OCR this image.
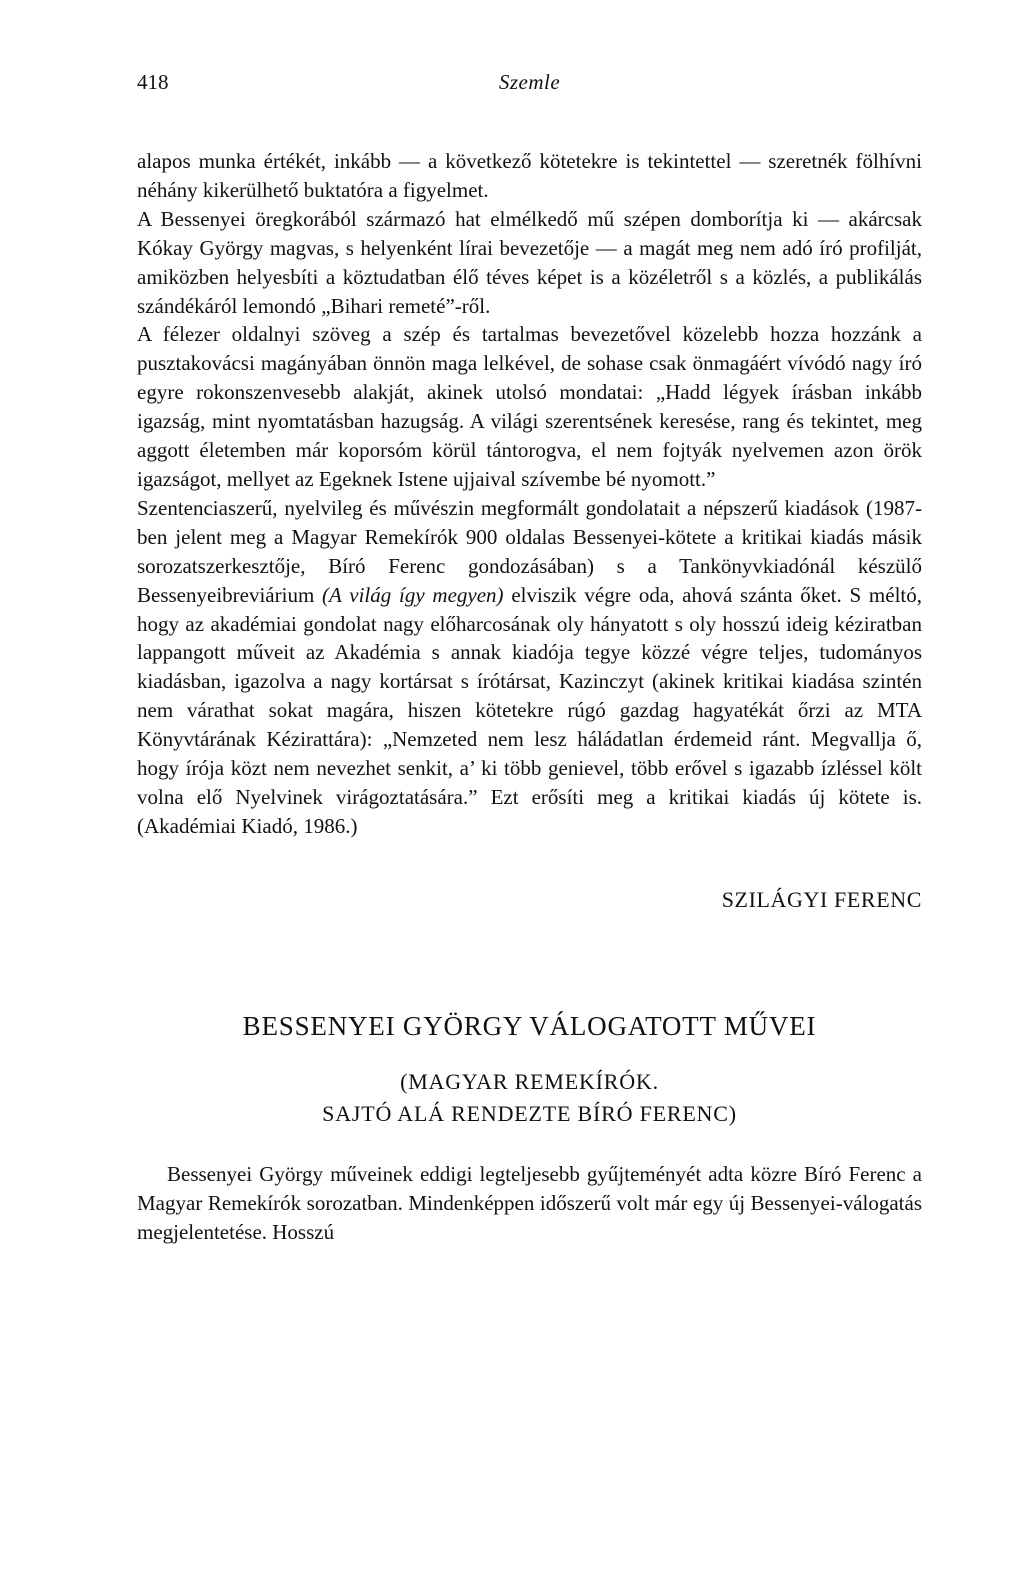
418	Szemle

alapos munka értékét, inkább — a következő kötetekre is tekintettel — szeretnék fölhívni néhány kikerülhető buktatóra a figyelmet.

A Bessenyei öregkorából származó hat elmélkedő mű szépen domborítja ki — akárcsak Kókay György magvas, s helyenként lírai bevezetője — a magát meg nem adó író profilját, amiközben helyesbíti a köztudatban élő téves képet is a közéletről s a közlés, a publikálás szándékáról lemondó „Bihari remeté”-ről.

A félezer oldalnyi szöveg a szép és tartalmas bevezetővel közelebb hozza hozzánk a pusztakovácsi magányában önnön maga lelkével, de sohase csak önmagáért vívódó nagy író egyre rokonszenvesebb alakját, akinek utolsó mondatai: „Hadd légyek írásban inkább igazság, mint nyomtatásban hazugság. A világi szerentsének keresése, rang és tekintet, meg aggott életemben már koporsóm körül tántorogva, el nem fojtyák nyelvemen azon örök igazságot, mellyet az Egeknek Istene ujjaival szívembe bé nyomott.”

Szentenciaszerű, nyelvileg és művészin megformált gondolatait a népszerű kiadások (1987-ben jelent meg a Magyar Remekírók 900 oldalas Bessenyei-kötete a kritikai kiadás másik sorozatszerkesztője, Bíró Ferenc gondozásában) s a Tankönyvkiadónál készülő Bessenyeibreviárium (A világ így megyen) elviszik végre oda, ahová szánta őket. S méltó, hogy az akadémiai gondolat nagy előharcosának oly hányatott s oly hosszú ideig kéziratban lappangott műveit az Akadémia s annak kiadója tegye közzé végre teljes, tudományos kiadásban, igazolva a nagy kortársat s írótársat, Kazinczyt (akinek kritikai kiadása szintén nem várathat sokat magára, hiszen kötetekre rúgó gazdag hagyatékát őrzi az MTA Könyvtárának Kézirattára): „Nemzeted nem lesz háládatlan érdemeid ránt. Megvallja ő, hogy írója közt nem nevezhet senkit, a’ ki több genievel, több erővel s igazabb ízléssel költ volna elő Nyelvinek virágoztatására.” Ezt erősíti meg a kritikai kiadás új kötete is. (Akadémiai Kiadó, 1986.)

SZILÁGYI FERENC
BESSENYEI GYÖRGY VÁLOGATOTT MŰVEI
(MAGYAR REMEKÍRÓK.
SAJTÓ ALÁ RENDEZTE BÍRÓ FERENC)

Bessenyei György műveinek eddigi legteljesebb gyűjteményét adta közre Bíró Ferenc a Magyar Remekírók sorozatban. Mindenképpen időszerű volt már egy új Bessenyei-válogatás megjelentetése. Hosszú
